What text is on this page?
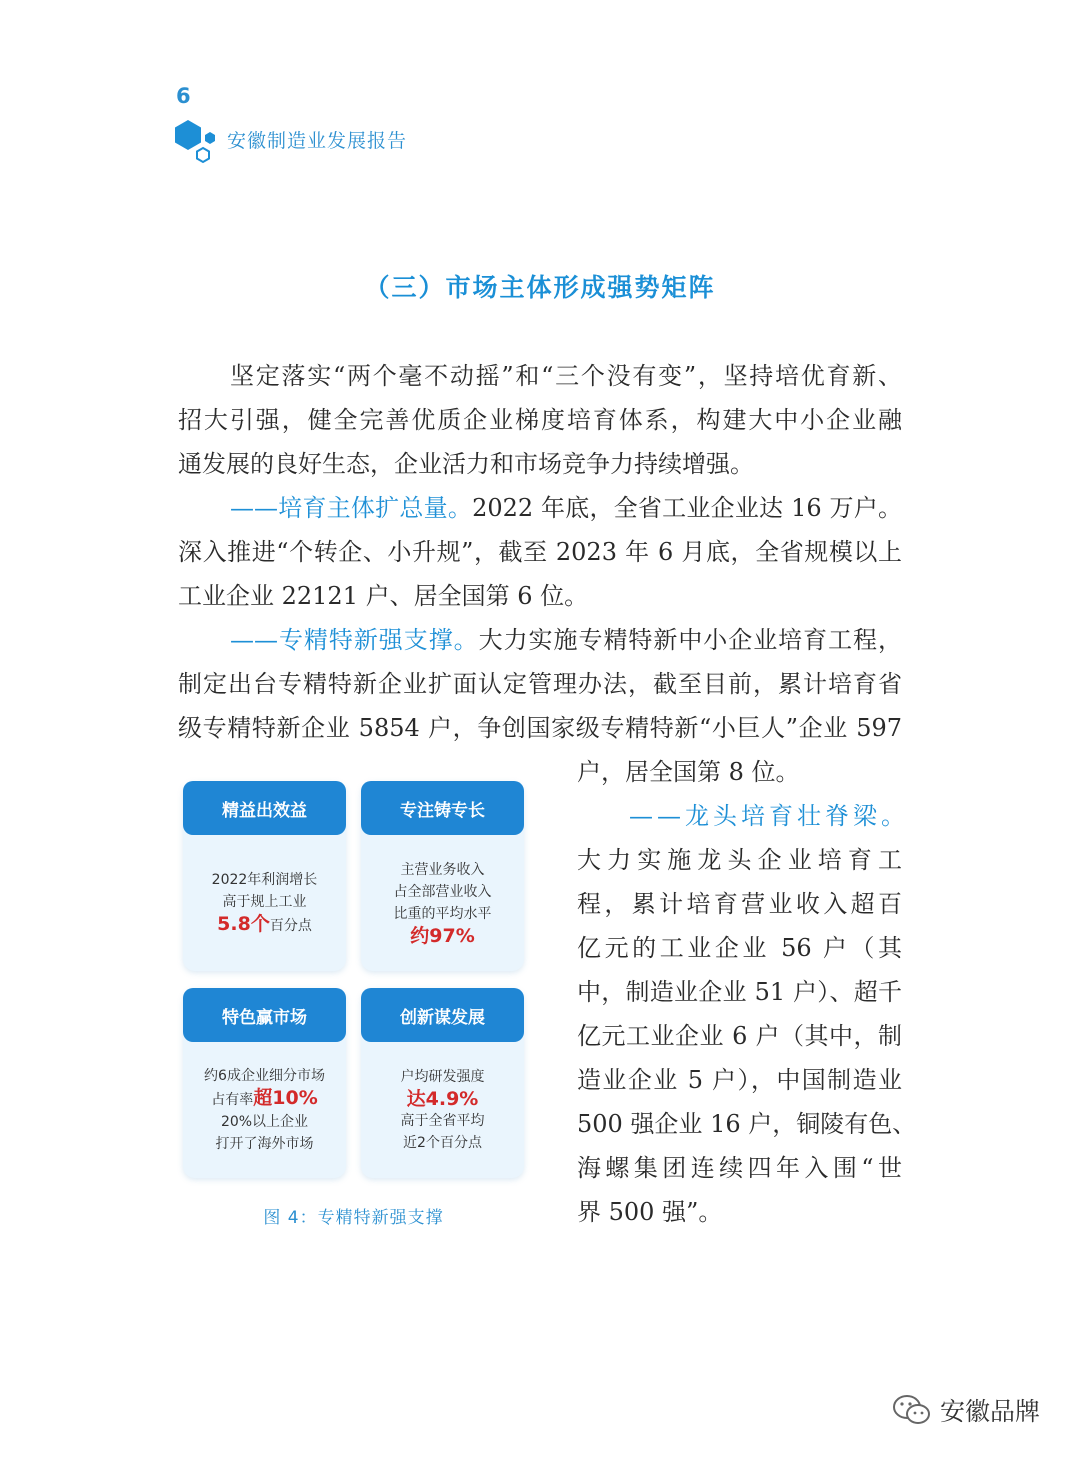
6
安徽制造业发展报告
（三）市场主体形成强势矩阵
坚定落实“两个毫不动摇”和“三个没有变”，坚持培优育新、
招大引强，健全完善优质企业梯度培育体系，构建大中小企业融
通发展的良好生态，企业活力和市场竞争力持续增强。
——培育主体扩总量。2022 年底，全省工业企业达 16 万户。
深入推进“个转企、小升规”，截至 2023 年 6 月底，全省规模以上
工业企业 22121 户、居全国第 6 位。
——专精特新强支撑。大力实施专精特新中小企业培育工程，
制定出台专精特新企业扩面认定管理办法，截至目前，累计培育省
级专精特新企业 5854 户，争创国家级专精特新“小巨人”企业 597
户，居全国第 8 位。
——龙头培育壮脊梁。
大力实施龙头企业培育工
程，累计培育营业收入超百
亿元的工业企业 56 户（其
中，制造业企业 51 户）、超千
亿元工业企业 6 户（其中，制
造业企业 5 户），中国制造业
500 强企业 16 户，铜陵有色、
海螺集团连续四年入围“世
界 500 强”。
精益出效益
2022年利润增长
高于规上工业
5.8个百分点
专注铸专长
主营业务收入
占全部营业收入
比重的平均水平
约97%
特色赢市场
约6成企业细分市场
占有率超10%
20%以上企业
打开了海外市场
创新谋发展
户均研发强度
达4.9%
高于全省平均
近2个百分点
图 4：专精特新强支撑
安徽品牌
